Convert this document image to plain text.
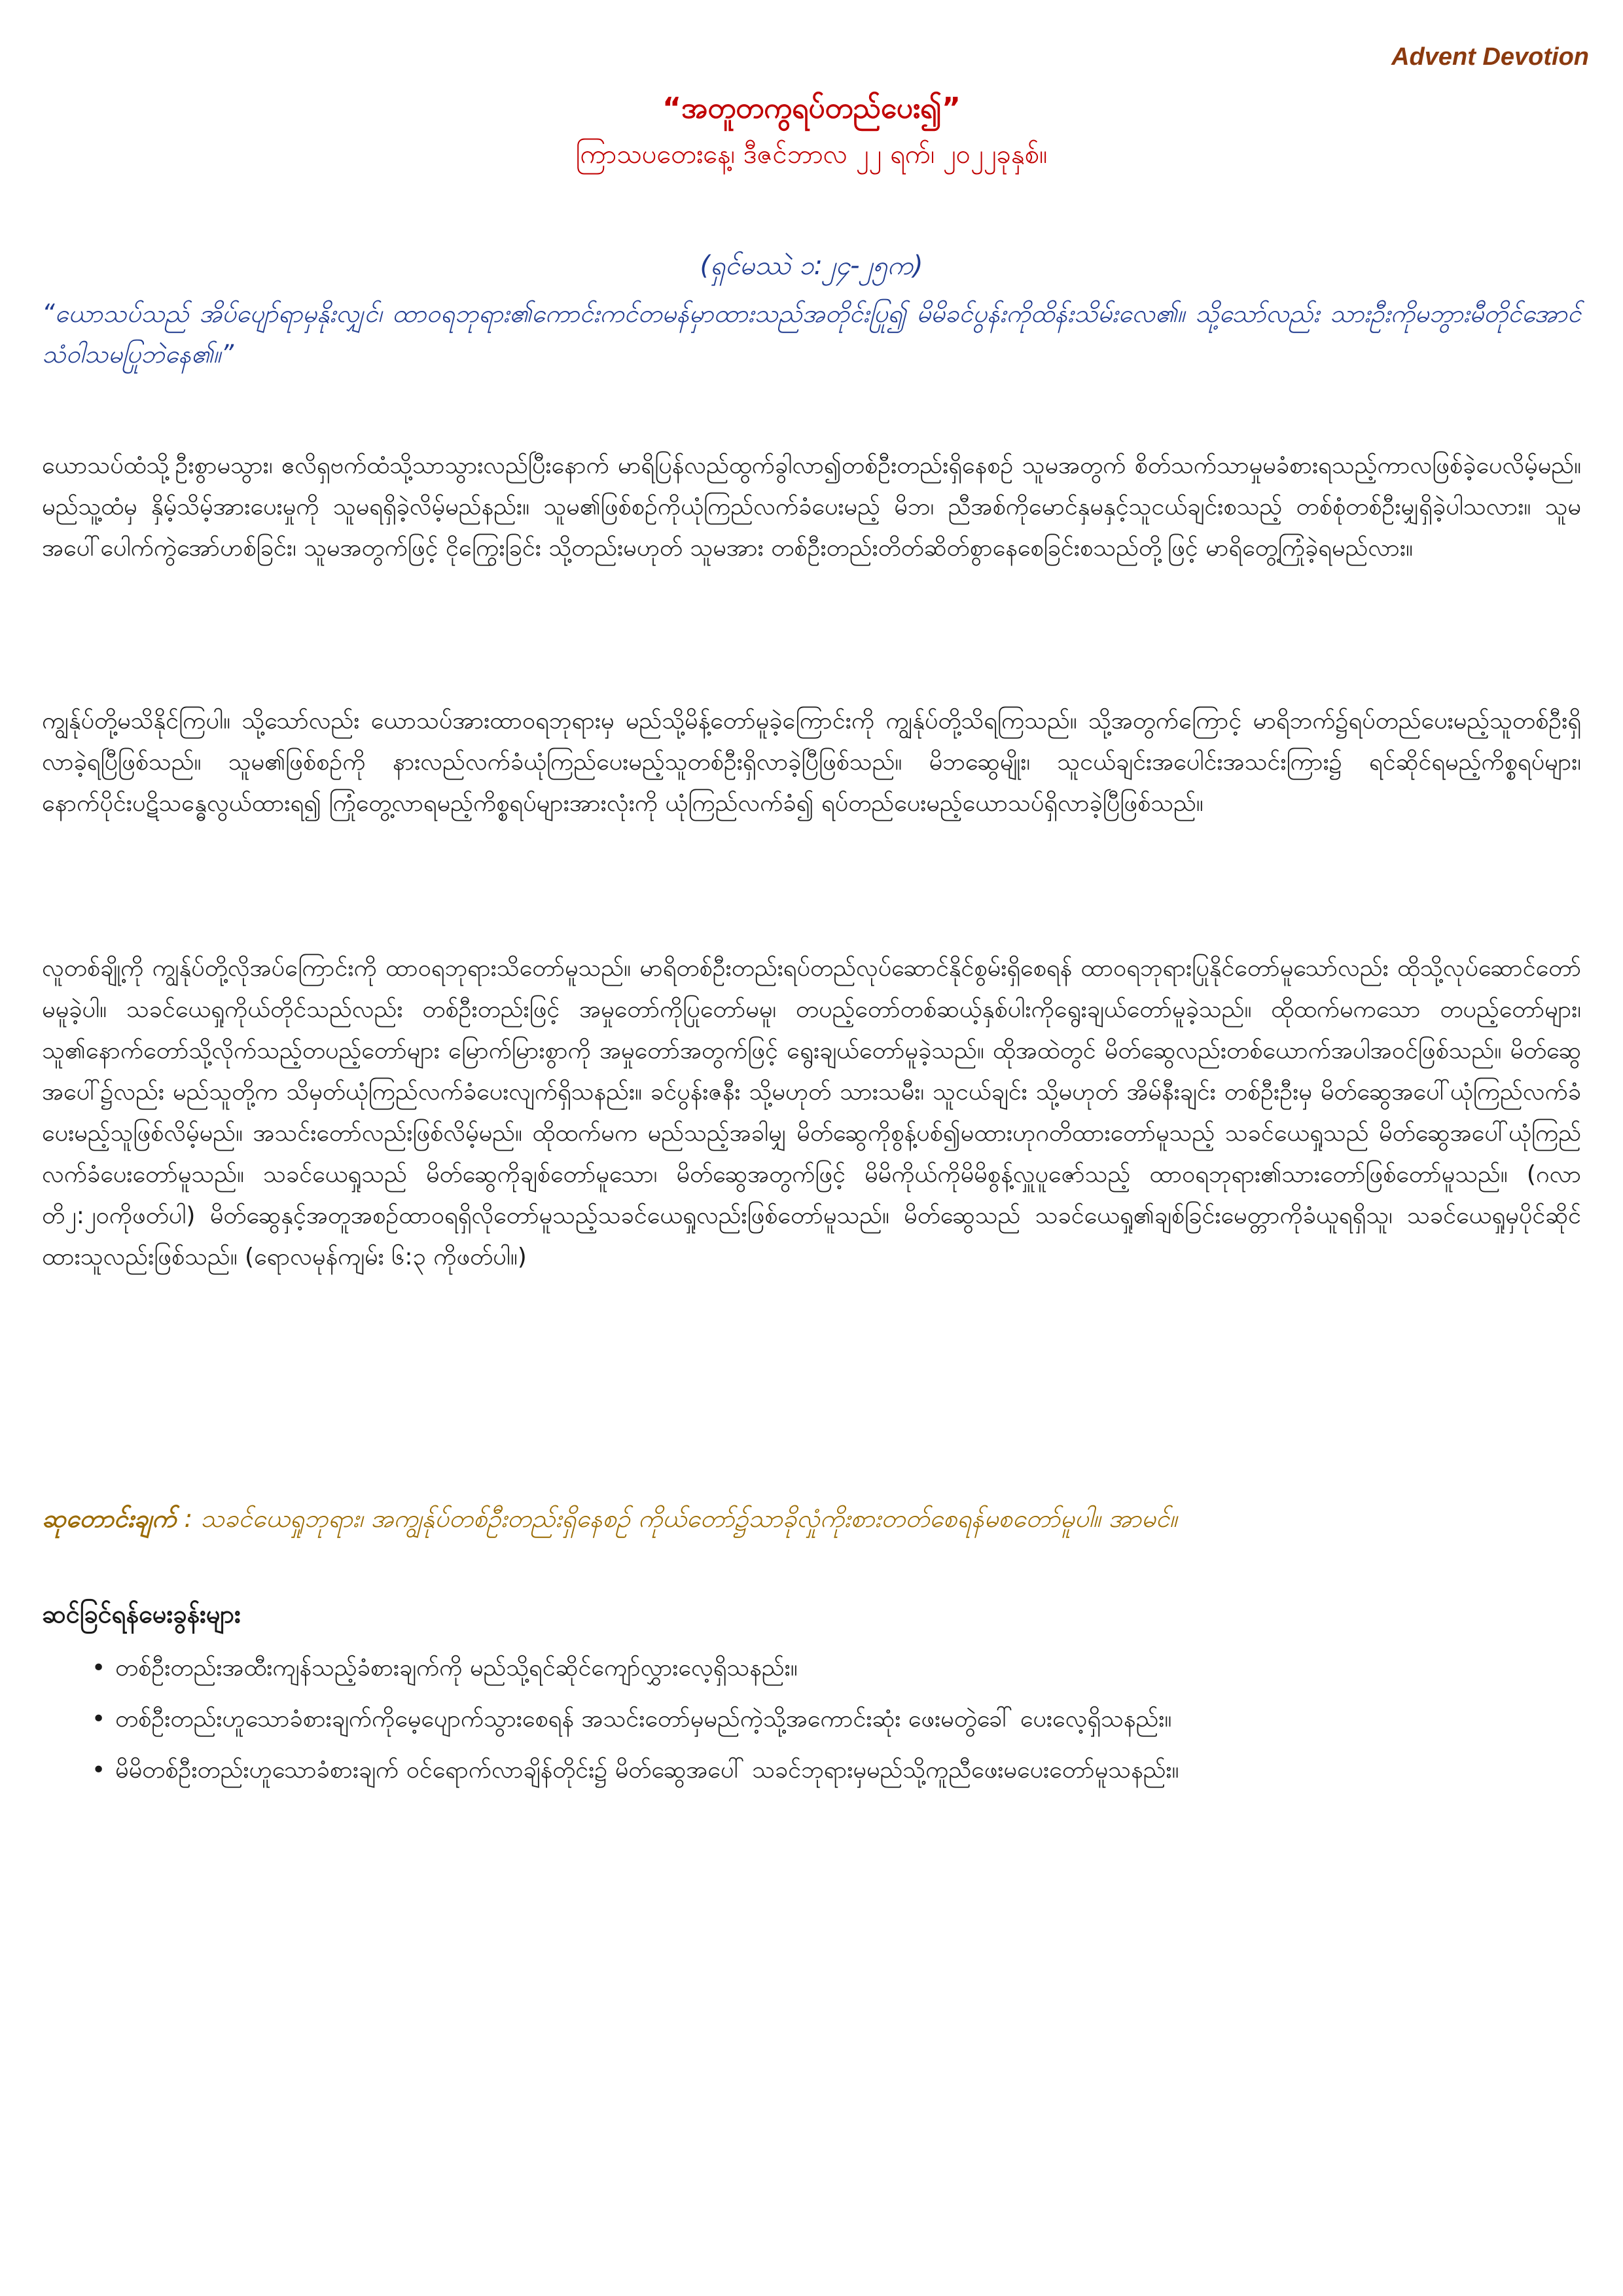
Advent Devotion
“အတူတကွရပ်တည်ပေး၍”
ကြာသပတေးနေ့၊ ဒီဇင်ဘာလ ၂၂ ရက်၊ ၂၀၂၂ခုနှစ်။
(ရှင်မဿဲ ၁:၂၄-၂၅က)
“ယောသပ်သည် အိပ်ပျော်ရာမှနိုးလျှင်၊ ထာဝရဘုရား၏ကောင်းကင်တမန်မှာထားသည်အတိုင်းပြု၍ မိမိခင်ပွန်းကိုထိန်းသိမ်းလေ၏။ သို့သော်လည်း သားဦးကိုမဘွားမီတိုင်အောင်သံဝါသမပြုဘဲနေ၏။”
ယောသပ်ထံသို့ဦးစွာမသွား၊ ဧလိရှဗက်ထံသို့သာသွားလည်ပြီးနောက် မာရိပြန်လည်ထွက်ခွါလာ၍တစ်ဦးတည်းရှိနေစဉ် သူမအတွက် စိတ်သက်သာမှုမခံစားရသည့်ကာလဖြစ်ခဲ့ပေလိမ့်မည်။ မည်သူ့ထံမှ နှိမ့်သိမ့်အားပေးမှုကို သူမရရှိခဲ့လိမ့်မည်နည်း။ သူမ၏ဖြစ်စဉ်ကိုယုံကြည်လက်ခံပေးမည့် မိဘ၊ ညီအစ်ကိုမောင်နှမနှင့်သူငယ်ချင်းစသည့် တစ်စုံတစ်ဦးမျှရှိခဲ့ပါသလား။ သူမအပေါ်ပေါက်ကွဲအော်ဟစ်ခြင်း၊ သူမအတွက်ဖြင့် ငိုကြွေးခြင်း သို့တည်းမဟုတ် သူမအား တစ်ဦးတည်းတိတ်ဆိတ်စွာနေစေခြင်းစသည်တို့ဖြင့် မာရိတွေ့ကြုံခဲ့ရမည်လား။
ကျွန်ုပ်တို့မသိနိုင်ကြပါ။ သို့သော်လည်း ယောသပ်အားထာဝရဘုရားမှ မည်သို့မိန့်တော်မူခဲ့ကြောင်းကို ကျွန်ုပ်တို့သိရကြသည်။ သို့အတွက်ကြောင့် မာရိဘက်၌ရပ်တည်ပေးမည့်သူတစ်ဦးရှိလာခဲ့ရပြီဖြစ်သည်။ သူမ၏ဖြစ်စဉ်ကို နားလည်လက်ခံယုံကြည်ပေးမည့်သူတစ်ဦးရှိလာခဲ့ပြီဖြစ်သည်။ မိဘဆွေမျိုး၊ သူငယ်ချင်းအပေါင်းအသင်းကြား၌ ရင်ဆိုင်ရမည့်ကိစ္စရပ်များ၊ နောက်ပိုင်းပဋိသန္ဓေလွယ်ထားရ၍ ကြုံတွေ့လာရမည့်ကိစ္စရပ်များအားလုံးကို ယုံကြည်လက်ခံ၍ ရပ်တည်ပေးမည့်ယောသပ်ရှိလာခဲ့ပြီဖြစ်သည်။
လူတစ်ချို့ကို ကျွန်ုပ်တို့လိုအပ်ကြောင်းကို ထာဝရဘုရားသိတော်မူသည်။ မာရိတစ်ဦးတည်းရပ်တည်လုပ်ဆောင်နိုင်စွမ်းရှိစေရန် ထာဝရဘုရားပြုနိုင်တော်မူသော်လည်း ထိုသို့လုပ်ဆောင်တော်မမူခဲ့ပါ။ သခင်ယေရှုကိုယ်တိုင်သည်လည်း တစ်ဦးတည်းဖြင့် အမှုတော်ကိုပြုတော်မမူ၊ တပည့်တော်တစ်ဆယ့်နှစ်ပါးကိုရွေးချယ်တော်မူခဲ့သည်။ ထိုထက်မကသော တပည့်တော်များ၊ သူ၏နောက်တော်သို့လိုက်သည့်တပည့်တော်များ မြောက်မြားစွာကို အမှုတော်အတွက်ဖြင့် ရွေးချယ်တော်မူခဲ့သည်။ ထိုအထဲတွင် မိတ်ဆွေလည်းတစ်ယောက်အပါအဝင်ဖြစ်သည်။ မိတ်ဆွေအပေါ်၌လည်း မည်သူတို့က သိမှတ်ယုံကြည်လက်ခံပေးလျက်ရှိသနည်း။ ခင်ပွန်းဇနီး သို့မဟုတ် သားသမီး၊ သူငယ်ချင်း သို့မဟုတ် အိမ်နီးချင်း တစ်ဦးဦးမှ မိတ်ဆွေအပေါ်ယုံကြည်လက်ခံပေးမည့်သူဖြစ်လိမ့်မည်။ အသင်းတော်လည်းဖြစ်လိမ့်မည်။ ထိုထက်မက မည်သည့်အခါမျှ မိတ်ဆွေကိုစွန့်ပစ်၍မထားဟုဂတိထားတော်မူသည့် သခင်ယေရှုသည် မိတ်ဆွေအပေါ်ယုံကြည်လက်ခံပေးတော်မူသည်။ သခင်ယေရှုသည် မိတ်ဆွေကိုချစ်တော်မူသော၊ မိတ်ဆွေအတွက်ဖြင့် မိမိကိုယ်ကိုမိမိစွန့်လှူပူဇော်သည့် ထာဝရဘုရား၏သားတော်ဖြစ်တော်မူသည်။ (ဂလာတိ၂:၂၀ကိုဖတ်ပါ) မိတ်ဆွေနှင့်အတူအစဉ်ထာဝရရှိလိုတော်မူသည့်သခင်ယေရှုလည်းဖြစ်တော်မူသည်။ မိတ်ဆွေသည် သခင်ယေရှု၏ချစ်ခြင်းမေတ္တာကိုခံယူရရှိသူ၊ သခင်ယေရှုမှပိုင်ဆိုင်ထားသူလည်းဖြစ်သည်။ (ရောလမုန်ကျမ်း ၆:၃ ကိုဖတ်ပါ။)
ဆုတောင်းချက် : သခင်ယေရှုဘုရား၊ အကျွန်ုပ်တစ်ဦးတည်းရှိနေစဉ် ကိုယ်တော်၌သာခိုလှုံကိုးစားတတ်စေရန်မစတော်မူပါ။ အာမင်။
ဆင်ခြင်ရန်မေးခွန်းများ
• တစ်ဦးတည်းအထီးကျန်သည့်ခံစားချက်ကို မည်သို့ရင်ဆိုင်ကျော်လွှားလေ့ရှိသနည်း။
• တစ်ဦးတည်းဟူသောခံစားချက်ကိုမေ့ပျောက်သွားစေရန် အသင်းတော်မှမည်ကဲ့သို့အကောင်းဆုံး ဖေးမတွဲခေါ် ပေးလေ့ရှိသနည်း။
• မိမိတစ်ဦးတည်းဟူသောခံစားချက် ဝင်ရောက်လာချိန်တိုင်း၌ မိတ်ဆွေအပေါ် သခင်ဘုရားမှမည်သို့ကူညီဖေးမပေးတော်မူသနည်း။
